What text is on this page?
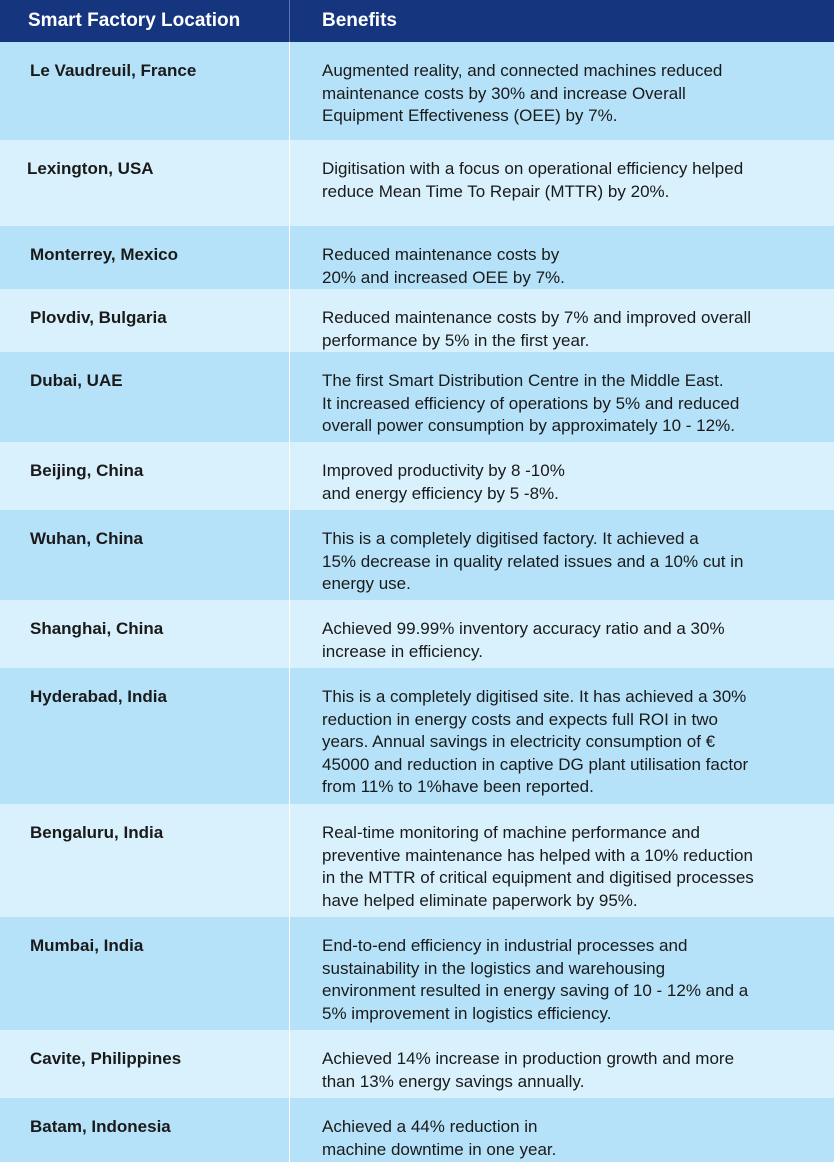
Smart Factory Location	Benefits
Le Vaudreuil, France	Augmented reality, and connected machines reduced
maintenance costs by 30% and increase Overall
Equipment Effectiveness (OEE) by 7%.
Lexington, USA	Digitisation with a focus on operational efficiency helped
reduce Mean Time To Repair (MTTR) by 20%.
Monterrey, Mexico	Reduced maintenance costs by
20% and increased OEE by 7%.
Plovdiv, Bulgaria	Reduced maintenance costs by 7% and improved overall
performance by 5% in the first year.
Dubai, UAE	The first Smart Distribution Centre in the Middle East.
It increased efficiency of operations by 5% and reduced
overall power consumption by approximately 10 - 12%.
Beijing, China	Improved productivity by 8 -10%
and energy efficiency by 5 -8%.
Wuhan, China	This is a completely digitised factory. It achieved a
15% decrease in quality related issues and a 10% cut in
energy use.
Shanghai, China	Achieved 99.99% inventory accuracy ratio and a 30%
increase in efficiency.
Hyderabad, India	This is a completely digitised site. It has achieved a 30%
reduction in energy costs and expects full ROI in two
years. Annual savings in electricity consumption of €
45000 and reduction in captive DG plant utilisation factor
from 11% to 1%have been reported.
Bengaluru, India	Real-time monitoring of machine performance and
preventive maintenance has helped with a 10% reduction
in the MTTR of critical equipment and digitised processes
have helped eliminate paperwork by 95%.
Mumbai, India	End-to-end efficiency in industrial processes and
sustainability in the logistics and warehousing
environment resulted in energy saving of 10 - 12% and a
5% improvement in logistics efficiency.
Cavite, Philippines	Achieved 14% increase in production growth and more
than 13% energy savings annually.
Batam, Indonesia	Achieved a 44% reduction in
machine downtime in one year.
